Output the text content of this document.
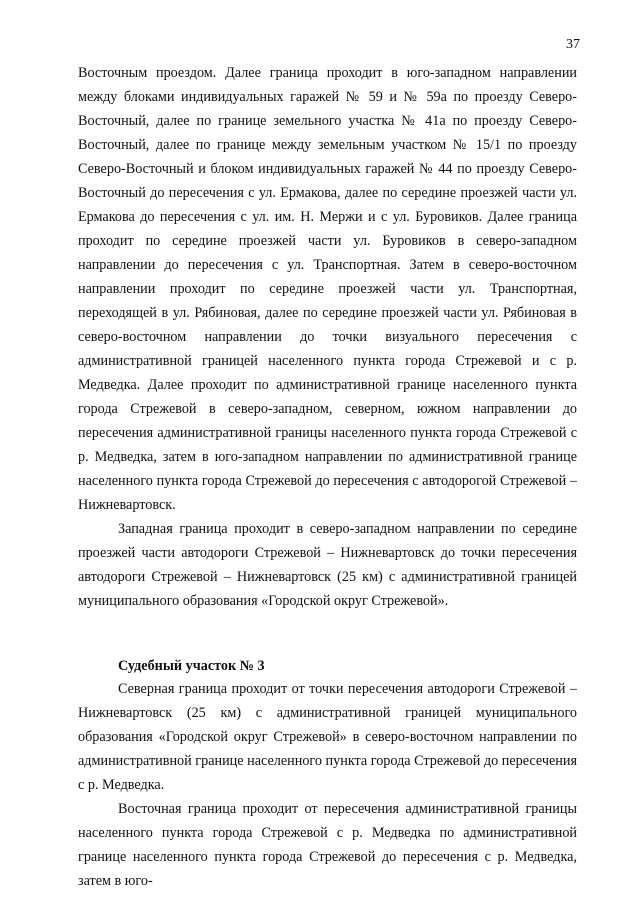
37

Восточным проездом. Далее граница проходит в юго-западном направлении между блоками индивидуальных гаражей № 59 и № 59а по проезду Северо-Восточный, далее по границе земельного участка № 41а по проезду Северо-Восточный, далее по границе между земельным участком № 15/1 по проезду Северо-Восточный и блоком индивидуальных гаражей № 44 по проезду Северо-Восточный до пересечения с ул. Ермакова, далее по середине проезжей части ул. Ермакова до пересечения с ул. им. Н. Мержи и с ул. Буровиков. Далее граница проходит по середине проезжей части ул. Буровиков в северо-западном направлении до пересечения с ул. Транспортная. Затем в северо-восточном направлении проходит по середине проезжей части ул. Транспортная, переходящей в ул. Рябиновая, далее по середине проезжей части ул. Рябиновая в северо-восточном направлении до точки визуального пересечения с административной границей населенного пункта города Стрежевой и с р. Медведка. Далее проходит по административной границе населенного пункта города Стрежевой в северо-западном, северном, южном направлении до пересечения административной границы населенного пункта города Стрежевой с р. Медведка, затем в юго-западном направлении по административной границе населенного пункта города Стрежевой до пересечения с автодорогой Стрежевой – Нижневартовск.

Западная граница проходит в северо-западном направлении по середине проезжей части автодороги Стрежевой – Нижневартовск до точки пересечения автодороги Стрежевой – Нижневартовск (25 км) с административной границей муниципального образования «Городской округ Стрежевой».

Судебный участок № 3

Северная граница проходит от точки пересечения автодороги Стрежевой – Нижневартовск (25 км) с административной границей муниципального образования «Городской округ Стрежевой» в северо-восточном направлении по административной границе населенного пункта города Стрежевой до пересечения с р. Медведка.

Восточная граница проходит от пересечения административной границы населенного пункта города Стрежевой с р. Медведка по административной границе населенного пункта города Стрежевой до пересечения с р. Медведка, затем в юго-
